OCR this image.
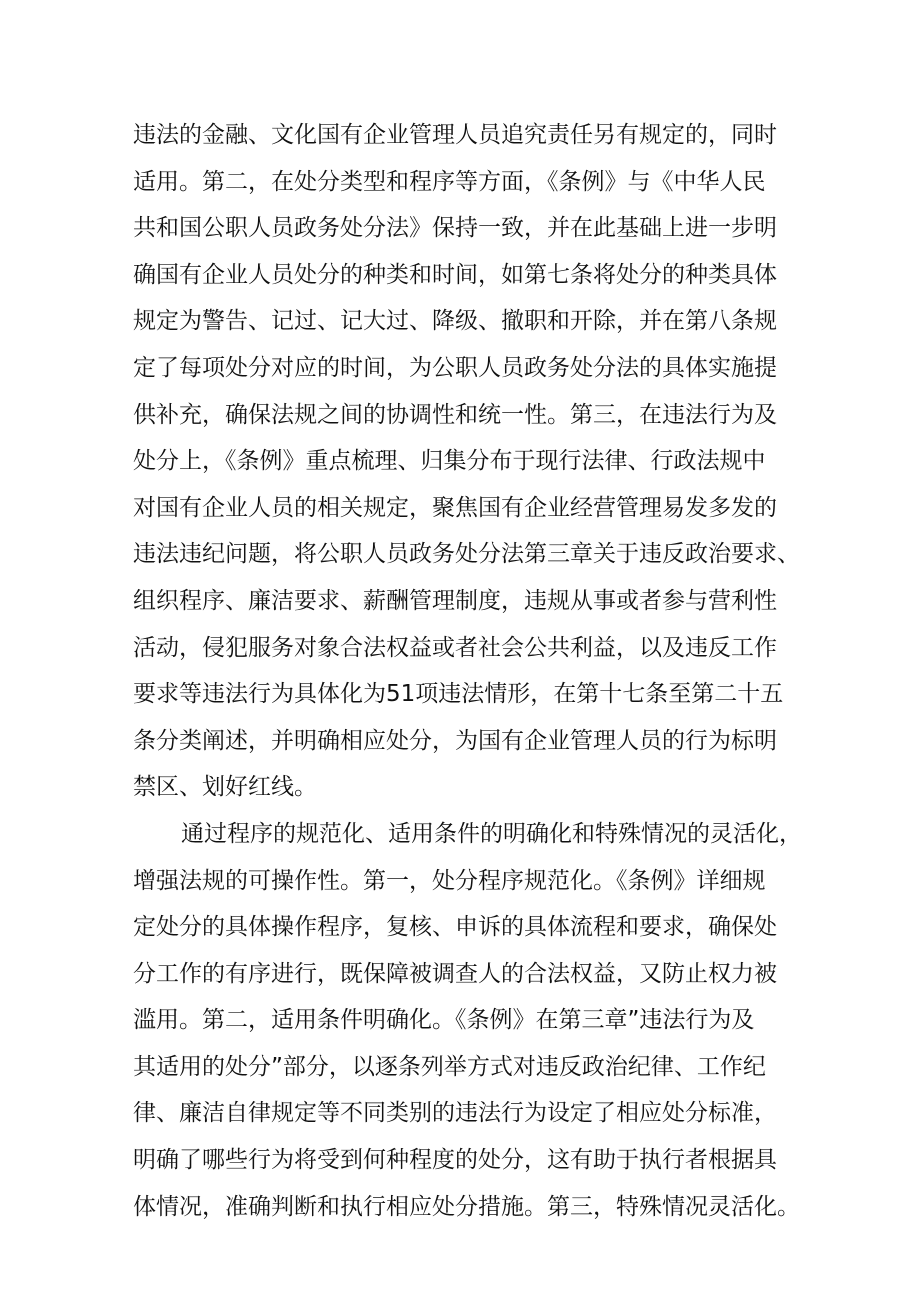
违法的金融、文化国有企业管理人员追究责任另有规定的，同时
适用。第二，在处分类型和程序等方面，《条例》与《中华人民
共和国公职人员政务处分法》保持一致，并在此基础上进一步明
确国有企业人员处分的种类和时间，如第七条将处分的种类具体
规定为警告、记过、记大过、降级、撤职和开除，并在第八条规
定了每项处分对应的时间，为公职人员政务处分法的具体实施提
供补充，确保法规之间的协调性和统一性。第三，在违法行为及
处分上，《条例》重点梳理、归集分布于现行法律、行政法规中
对国有企业人员的相关规定，聚焦国有企业经营管理易发多发的
违法违纪问题，将公职人员政务处分法第三章关于违反政治要求、
组织程序、廉洁要求、薪酬管理制度，违规从事或者参与营利性
活动，侵犯服务对象合法权益或者社会公共利益，以及违反工作
要求等违法行为具体化为51项违法情形，在第十七条至第二十五
条分类阐述，并明确相应处分，为国有企业管理人员的行为标明
禁区、划好红线。
通过程序的规范化、适用条件的明确化和特殊情况的灵活化，
增强法规的可操作性。第一，处分程序规范化。《条例》详细规
定处分的具体操作程序，复核、申诉的具体流程和要求，确保处
分工作的有序进行，既保障被调查人的合法权益，又防止权力被
滥用。第二，适用条件明确化。《条例》在第三章”违法行为及
其适用的处分”部分，以逐条列举方式对违反政治纪律、工作纪
律、廉洁自律规定等不同类别的违法行为设定了相应处分标准，
明确了哪些行为将受到何种程度的处分，这有助于执行者根据具
体情况，准确判断和执行相应处分措施。第三，特殊情况灵活化。
